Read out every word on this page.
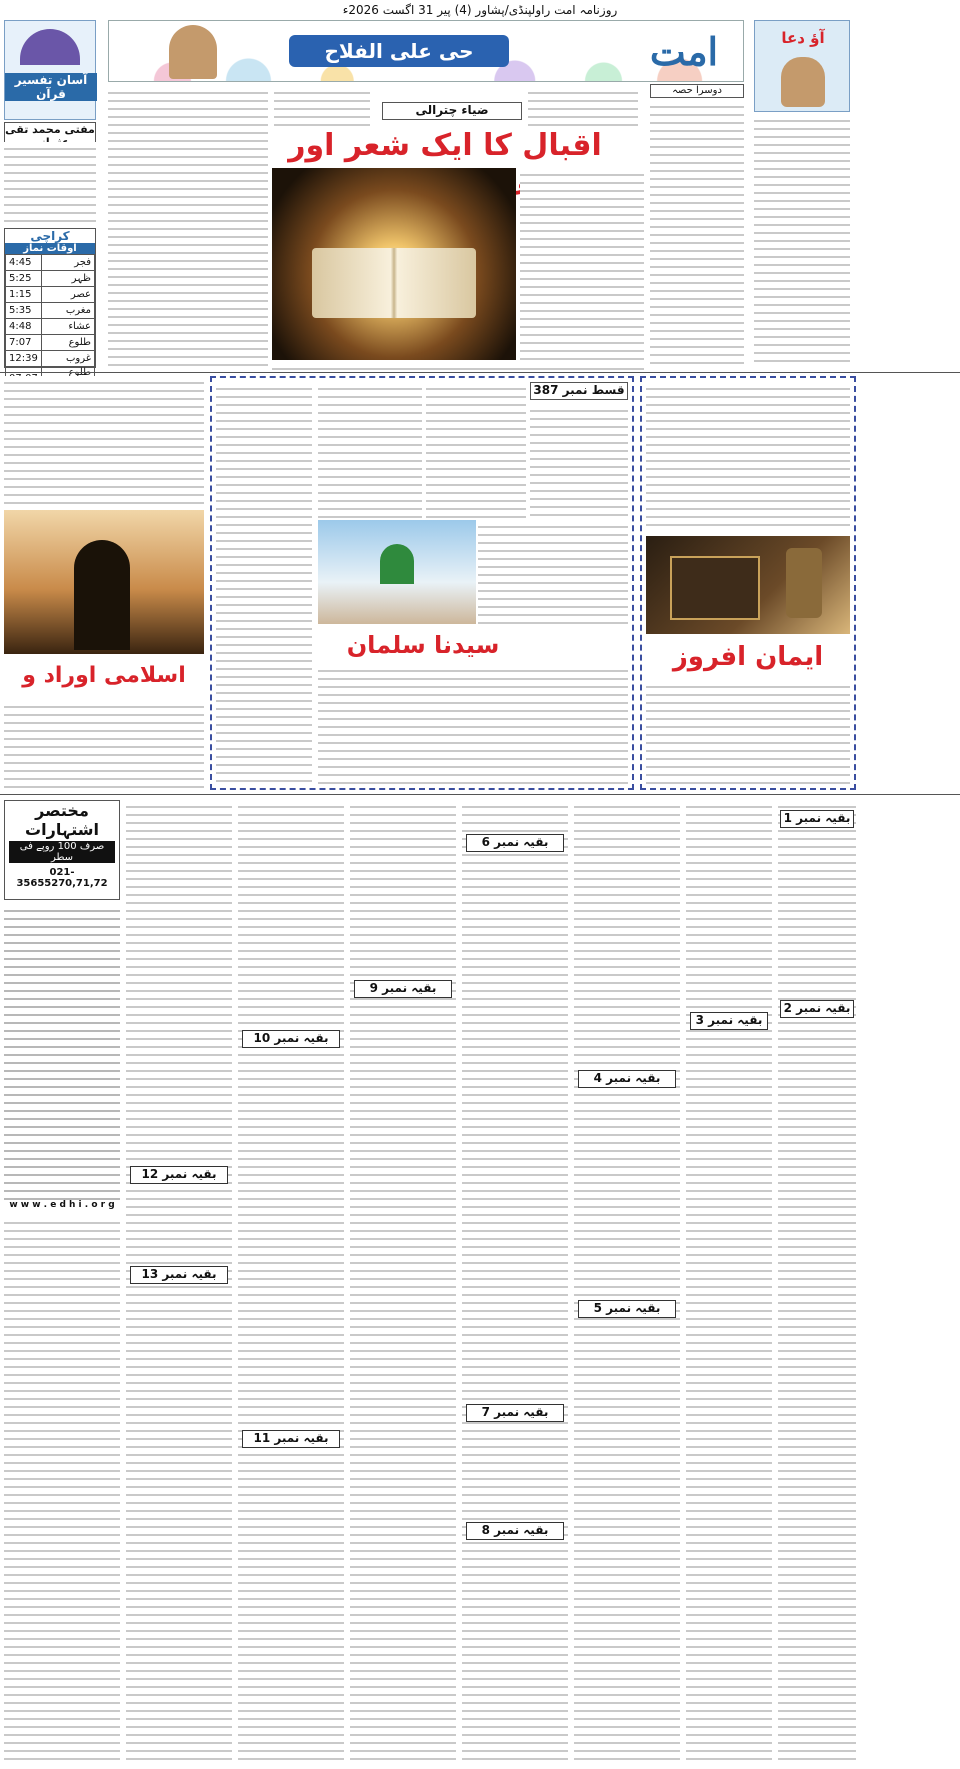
روزنامہ امت راولپنڈی/پشاور (4) پیر 31 اگست 2026ء
آسان تفسیر قرآن
مفتی محمد تقی
امت
حی علی الفلاح
آؤ دعا
دوسرا حصہ
کراچی
اوقات نماز
4:45	فجر
5:25	ظہر
1:15	عصر
5:35	مغرب
4:48	عشاء
7:07	طلوع
12:39	غروب

ضیاء چترالی
اقبال کا ایک شعر اور
اسلامی اوراد و
قسط نمبر 387
سیدنا سلمان	ایمان افروز
مختصر اشتہارات
صرف 100 روپے فی سطر
021-35655270,71,72
w w w . e d h i . o r g
بقیہ نمبر 1
بقیہ نمبر 2
بقیہ نمبر 3
بقیہ نمبر 4
بقیہ نمبر 5
بقیہ نمبر 6
بقیہ نمبر 7
بقیہ نمبر 8
بقیہ نمبر 9
بقیہ نمبر 10
بقیہ نمبر 11
بقیہ نمبر 12
بقیہ نمبر 13
